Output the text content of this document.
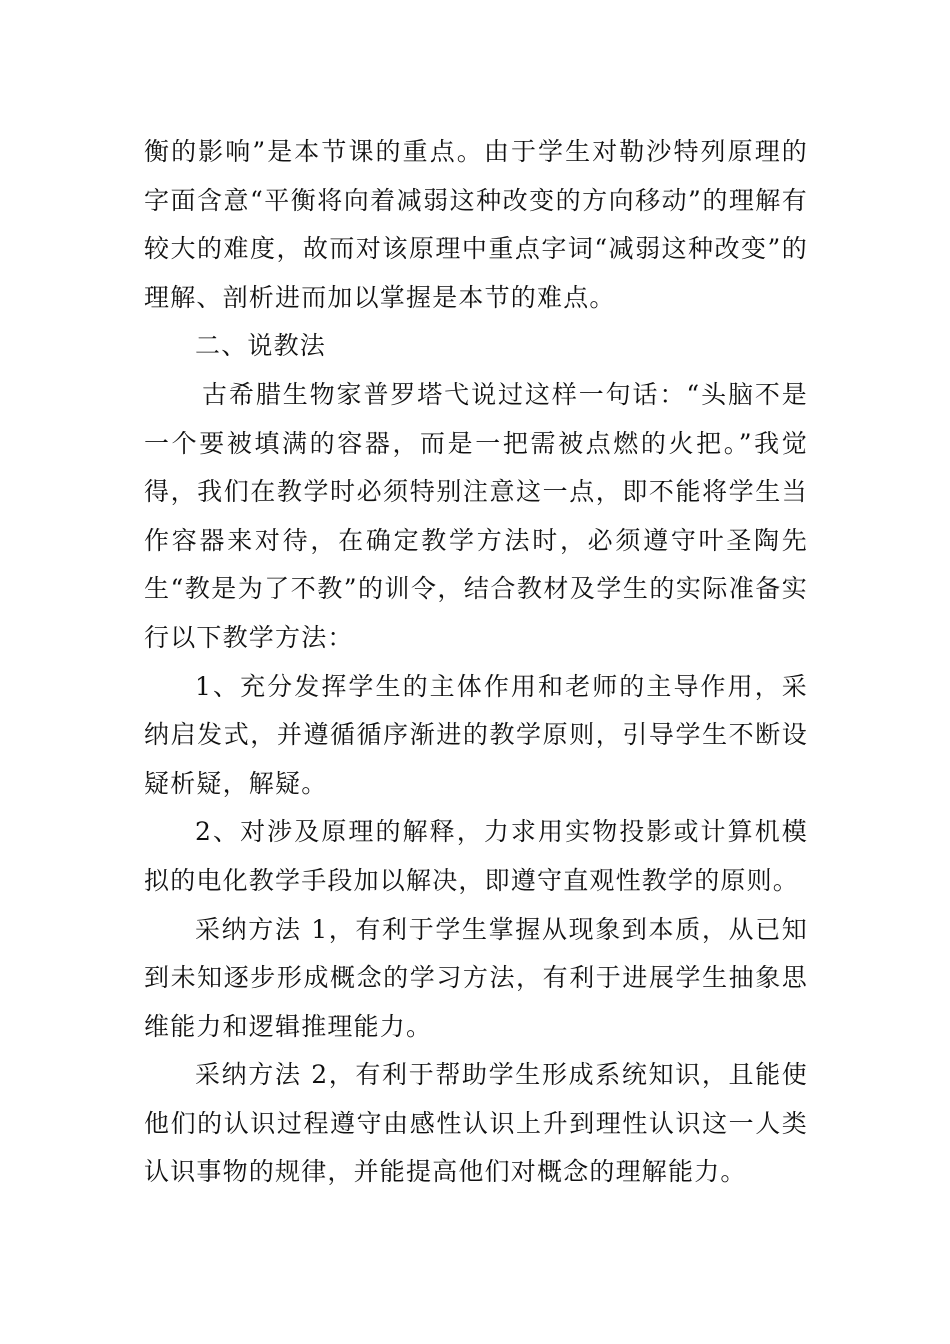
衡的影响”是本节课的重点。由于学生对勒沙特列原理的字面含意“平衡将向着减弱这种改变的方向移动”的理解有较大的难度，故而对该原理中重点字词“减弱这种改变”的理解、剖析进而加以掌握是本节的难点。

二、说教法

古希腊生物家普罗塔弋说过这样一句话：“头脑不是一个要被填满的容器，而是一把需被点燃的火把。”我觉得，我们在教学时必须特别注意这一点，即不能将学生当作容器来对待，在确定教学方法时，必须遵守叶圣陶先生“教是为了不教”的训令，结合教材及学生的实际准备实行以下教学方法：

1、充分发挥学生的主体作用和老师的主导作用，采纳启发式，并遵循循序渐进的教学原则，引导学生不断设疑析疑，解疑。

2、对涉及原理的解释，力求用实物投影或计算机模拟的电化教学手段加以解决，即遵守直观性教学的原则。

采纳方法 1，有利于学生掌握从现象到本质，从已知到未知逐步形成概念的学习方法，有利于进展学生抽象思维能力和逻辑推理能力。

采纳方法 2，有利于帮助学生形成系统知识，且能使他们的认识过程遵守由感性认识上升到理性认识这一人类认识事物的规律，并能提高他们对概念的理解能力。
